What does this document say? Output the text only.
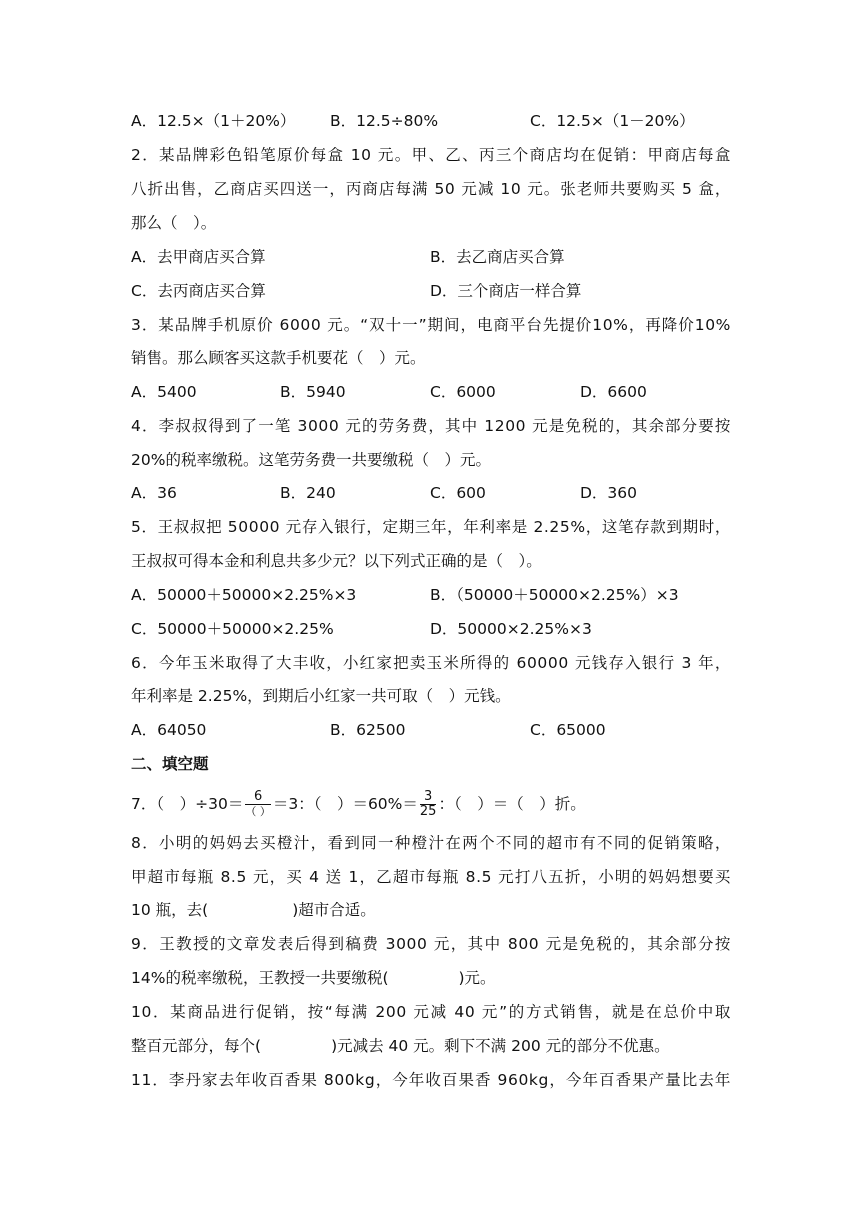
A．12.5×（1＋20%） B．12.5÷80%	C．12.5×（1－20%）
2．某品牌彩色铅笔原价每盒 10 元。甲、乙、丙三个商店均在促销：甲商店每盒
八折出售，乙商店买四送一，丙商店每满 50 元减 10 元。张老师共要购买 5 盒，
那么（　）。
A．去甲商店买合算	B．去乙商店买合算
C．去丙商店买合算	D．三个商店一样合算
3．某品牌手机原价 6000 元。“双十一”期间，电商平台先提价10%，再降价10%
销售。那么顾客买这款手机要花（　）元。
A．5400	B．5940	C．6000	D．6600
4．李叔叔得到了一笔 3000 元的劳务费，其中 1200 元是免税的，其余部分要按
20%的税率缴税。这笔劳务费一共要缴税（　）元。
A．36	B．240	C．600	D．360
5．王叔叔把 50000 元存入银行，定期三年，年利率是 2.25%，这笔存款到期时，
王叔叔可得本金和利息共多少元？以下列式正确的是（　）。
A．50000＋50000×2.25%×3	B．（50000＋50000×2.25%）×3
C．50000＋50000×2.25%	D．50000×2.25%×3
6．今年玉米取得了大丰收，小红家把卖玉米所得的 60000 元钱存入银行 3 年，
年利率是 2.25%，到期后小红家一共可取（　）元钱。
A．64050	B．62500	C．65000
二、填空题
7．（　）$\div 30= \frac{6}{( )} =3$：（　）$=60\%= \frac{3}{25}$ ：（　）＝（　）折。
8．小明的妈妈去买橙汁，看到同一种橙汁在两个不同的超市有不同的促销策略，
甲超市每瓶 8.5 元，买 4 送 1，乙超市每瓶 8.5 元打八五折，小明的妈妈想要买
10 瓶，去(	)超市合适。
9．王教授的文章发表后得到稿费 3000 元，其中 800 元是免税的，其余部分按
14%的税率缴税，王教授一共要缴税(	)元。
10．某商品进行促销，按“每满 200 元减 40 元”的方式销售，就是在总价中取
整百元部分，每个(	)元减去 40 元。剩下不满 200 元的部分不优惠。
11．李丹家去年收百香果 800kg，今年收百果香 960kg，今年百香果产量比去年
